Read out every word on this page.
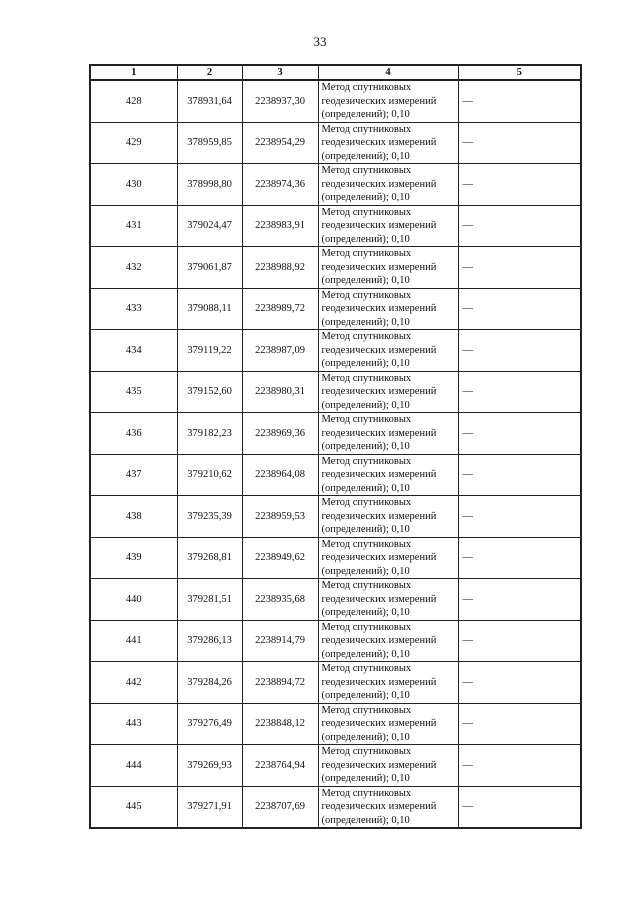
33
1	2	3	4	5
428	378931,64	2238937,30	Метод спутниковых
геодезических измерений
(определений); 0,10	—
429	378959,85	2238954,29	Метод спутниковых
геодезических измерений
(определений); 0,10	—
430	378998,80	2238974,36	Метод спутниковых
геодезических измерений
(определений); 0,10	—
431	379024,47	2238983,91	Метод спутниковых
геодезических измерений
(определений); 0,10	—
432	379061,87	2238988,92	Метод спутниковых
геодезических измерений
(определений); 0,10	—
433	379088,11	2238989,72	Метод спутниковых
геодезических измерений
(определений); 0,10	—
434	379119,22	2238987,09	Метод спутниковых
геодезических измерений
(определений); 0,10	—
435	379152,60	2238980,31	Метод спутниковых
геодезических измерений
(определений); 0,10	—
436	379182,23	2238969,36	Метод спутниковых
геодезических измерений
(определений); 0,10	—
437	379210,62	2238964,08	Метод спутниковых
геодезических измерений
(определений); 0,10	—
438	379235,39	2238959,53	Метод спутниковых
геодезических измерений
(определений); 0,10	—
439	379268,81	2238949,62	Метод спутниковых
геодезических измерений
(определений); 0,10	—
440	379281,51	2238935,68	Метод спутниковых
геодезических измерений
(определений); 0,10	—
441	379286,13	2238914,79	Метод спутниковых
геодезических измерений
(определений); 0,10	—
442	379284,26	2238894,72	Метод спутниковых
геодезических измерений
(определений); 0,10	—
443	379276,49	2238848,12	Метод спутниковых
геодезических измерений
(определений); 0,10	—
444	379269,93	2238764,94	Метод спутниковых
геодезических измерений
(определений); 0,10	—
445	379271,91	2238707,69	Метод спутниковых
геодезических измерений
(определений); 0,10	—
